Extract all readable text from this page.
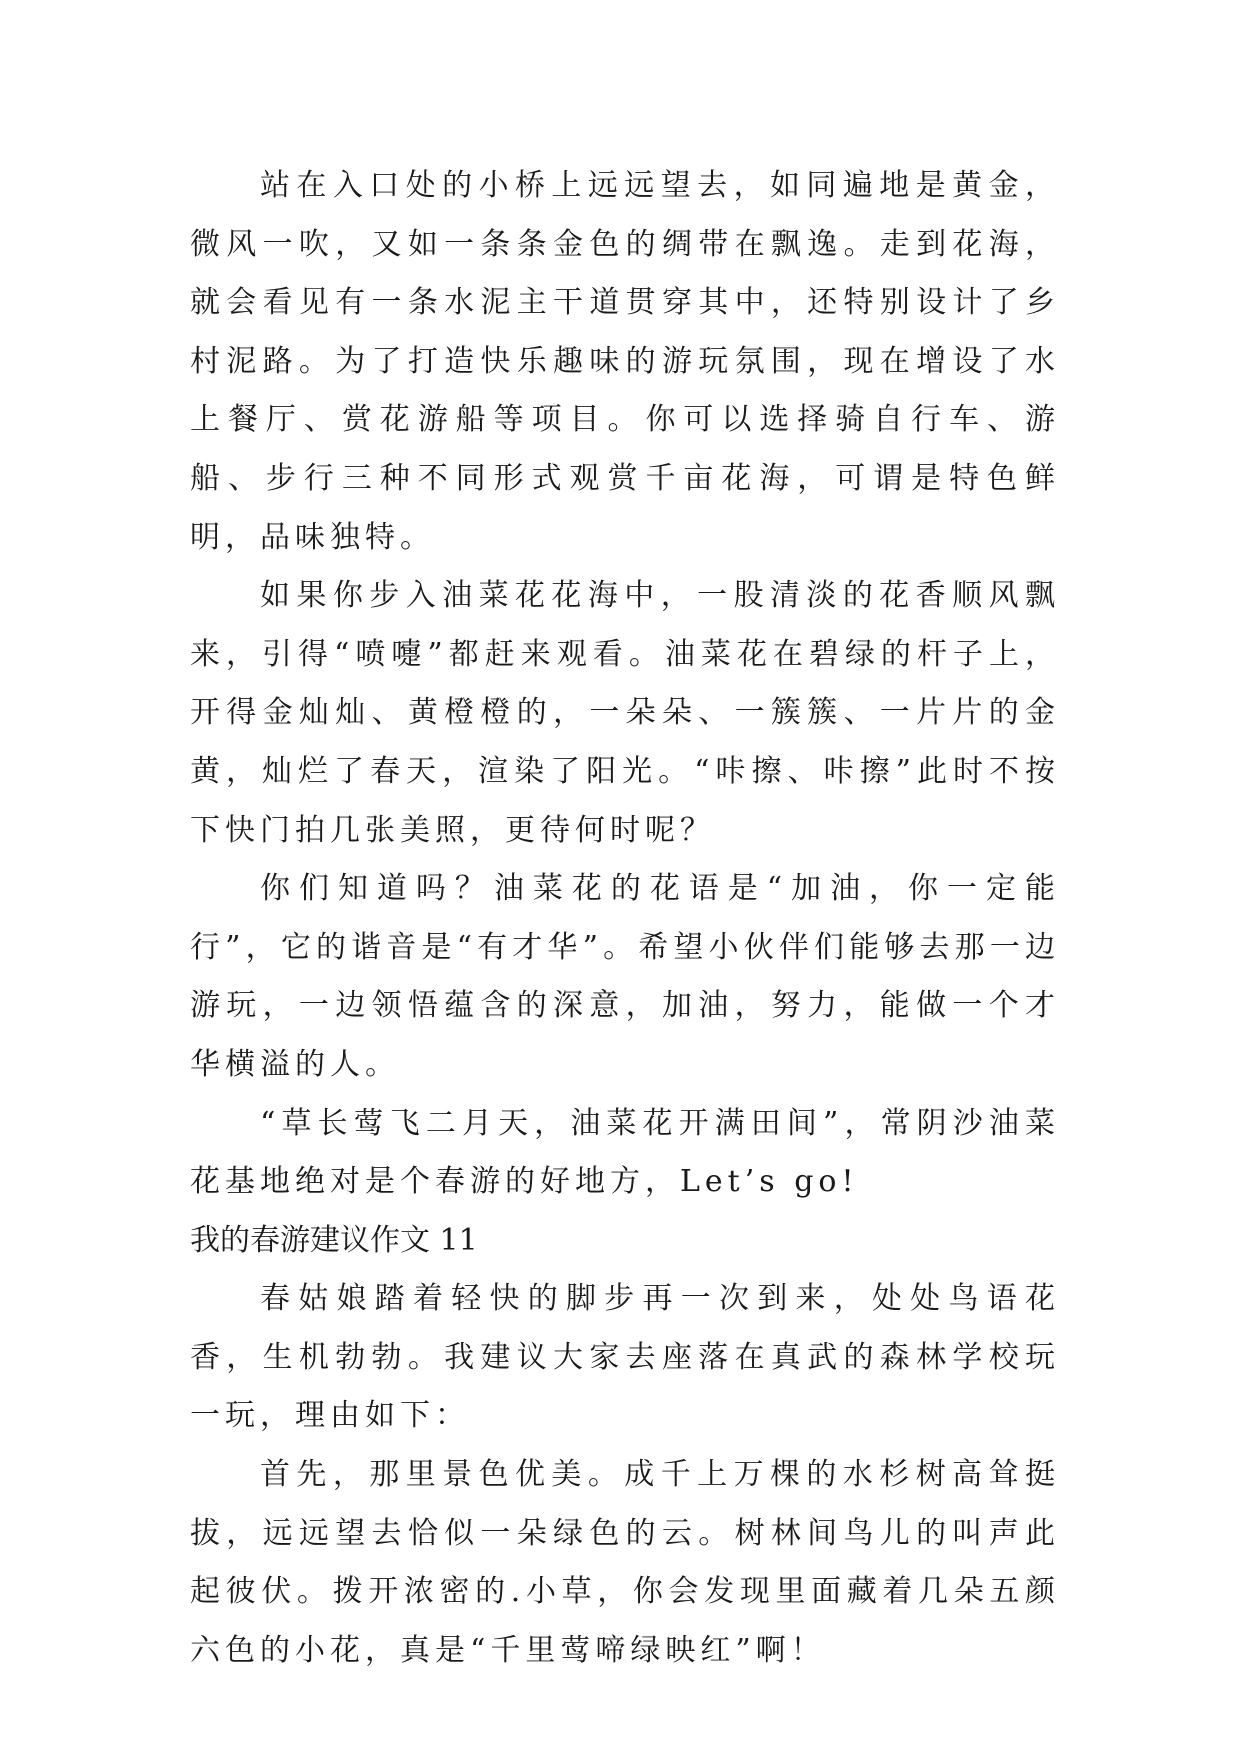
站在入口处的小桥上远远望去，如同遍地是黄金，微风一吹，又如一条条金色的绸带在飘逸。走到花海，就会看见有一条水泥主干道贯穿其中，还特别设计了乡村泥路。为了打造快乐趣味的游玩氛围，现在增设了水上餐厅、赏花游船等项目。你可以选择骑自行车、游船、步行三种不同形式观赏千亩花海，可谓是特色鲜明，品味独特。

如果你步入油菜花花海中，一股清淡的花香顺风飘来，引得“喷嚏”都赶来观看。油菜花在碧绿的杆子上，开得金灿灿、黄橙橙的，一朵朵、一簇簇、一片片的金黄，灿烂了春天，渲染了阳光。“咔擦、咔擦”此时不按下快门拍几张美照，更待何时呢？

你们知道吗？油菜花的花语是“加油，你一定能行”，它的谐音是“有才华”。希望小伙伴们能够去那一边游玩，一边领悟蕴含的深意，加油，努力，能做一个才华横溢的人。

“草长莺飞二月天，油菜花开满田间”，常阴沙油菜花基地绝对是个春游的好地方，Let’s go!

我的春游建议作文 11

春姑娘踏着轻快的脚步再一次到来，处处鸟语花香，生机勃勃。我建议大家去座落在真武的森林学校玩一玩，理由如下：

首先，那里景色优美。成千上万棵的水杉树高耸挺拔，远远望去恰似一朵绿色的云。树林间鸟儿的叫声此起彼伏。拨开浓密的.小草，你会发现里面藏着几朵五颜六色的小花，真是“千里莺啼绿映红”啊！
